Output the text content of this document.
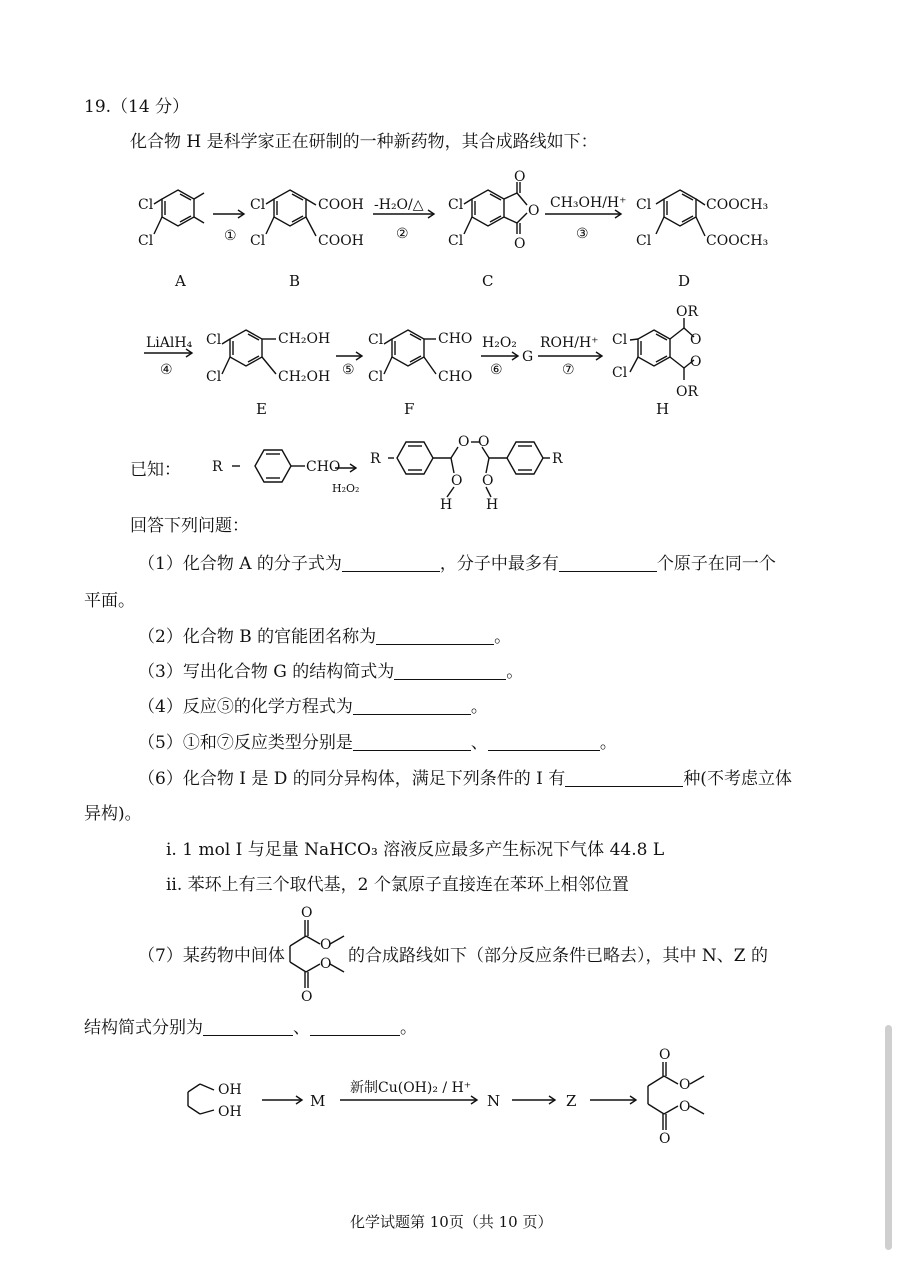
19.（14 分）
化合物 H 是科学家正在研制的一种新药物，其合成路线如下：
Cl
Cl	①
Cl
Cl
COOH
COOH
-H₂O/△
②
Cl
Cl
O
O
O
CH₃OH/H⁺
③
Cl
Cl
COOCH₃
COOCH₃
A	B	C	D
LiAlH₄
④
Cl
Cl
CH₂OH
CH₂OH ⑤
Cl
Cl
CHO
CHO
H₂O₂
⑥
G
ROH/H⁺
⑦
Cl
Cl
OR
O
O
OR
E	F	H
R	CHO
H₂O₂
R
O O
O O
H H
R
已知：
回答下列问题：
（1）化合物 A 的分子式为	，分子中最多有	个原子在同一个
平面。
（2）化合物 B 的官能团名称为	。
（3）写出化合物 G 的结构简式为	。
（4）反应⑤的化学方程式为	。
（5）①和⑦反应类型分别是	、	。
（6）化合物 I 是 D 的同分异构体，满足下列条件的 I 有	种(不考虑立体
异构)。
i. 1 mol I 与足量 NaHCO₃ 溶液反应最多产生标况下气体 44.8 L
ii. 苯环上有三个取代基，2 个氯原子直接连在苯环上相邻位置
O
O
O
O
（7）某药物中间体	的合成路线如下（部分反应条件已略去），其中 N、Z 的
结构简式分别为	、	。
OH
OH
M
新制Cu(OH)₂ / H⁺
N	Z
O
O
O
O
化学试题第 10页（共 10 页）
